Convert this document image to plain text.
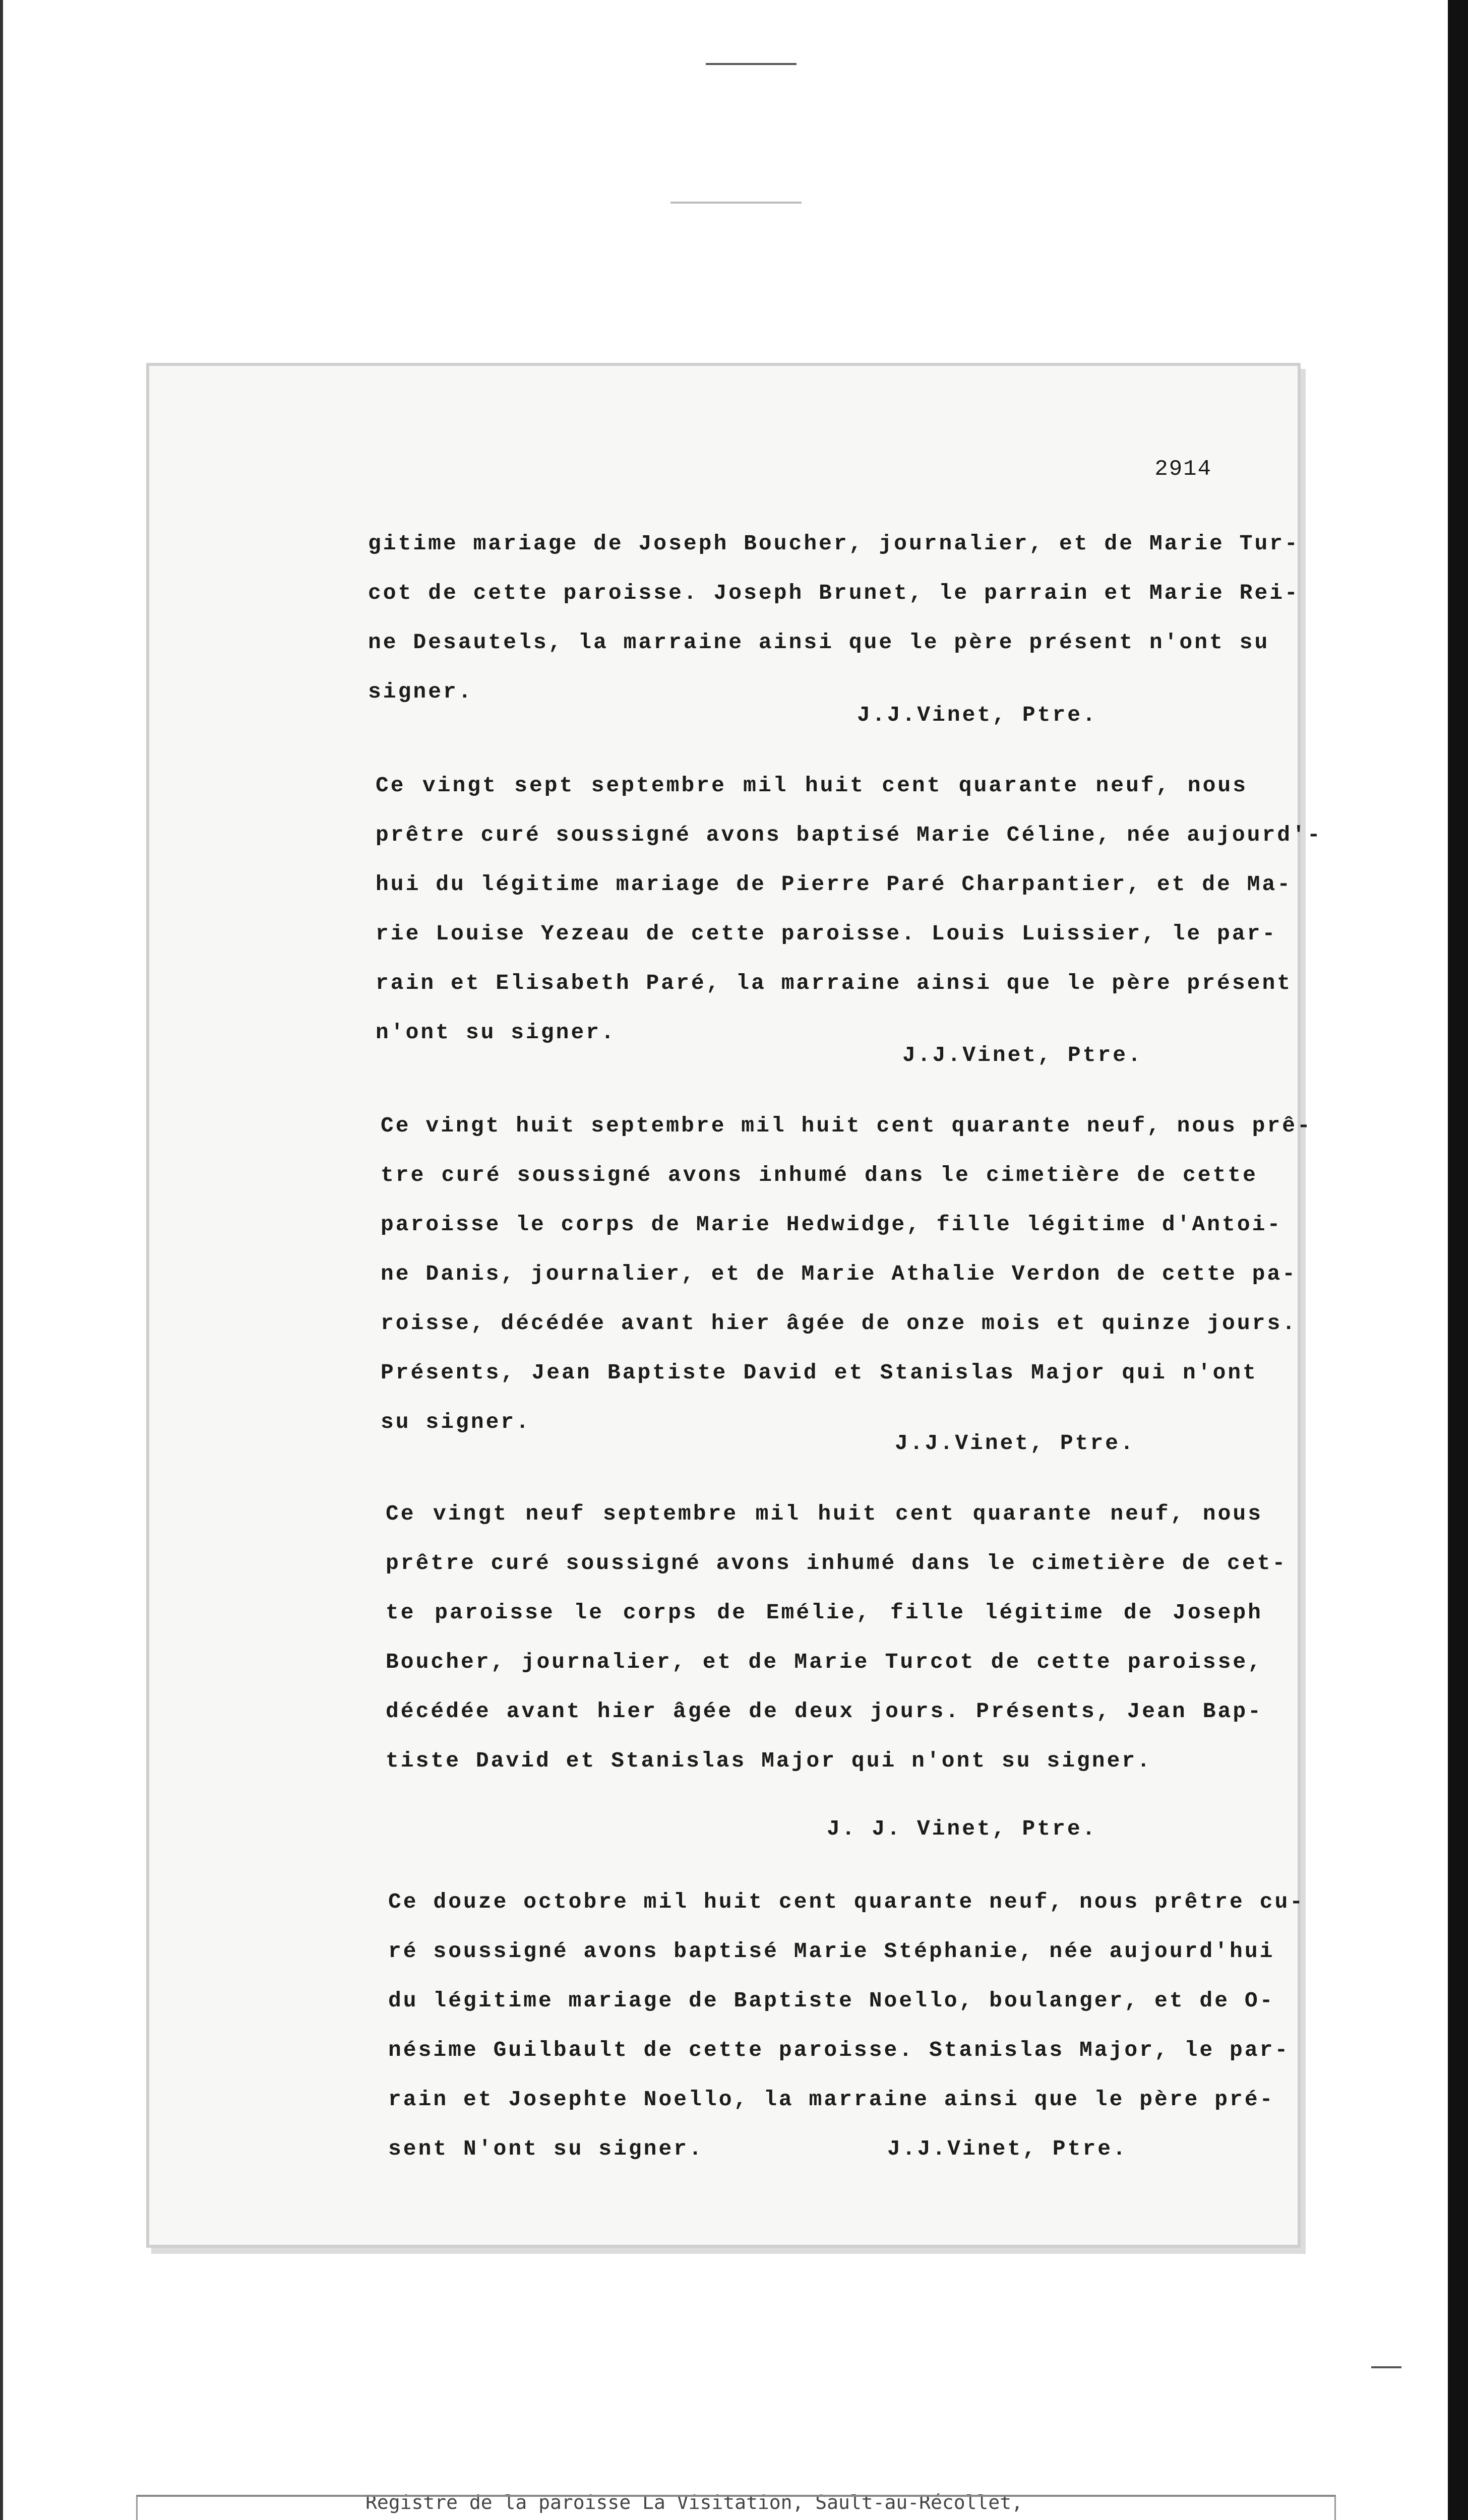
2914
gitime mariage de Joseph Boucher, journalier, et de Marie Tur-
cot de cette paroisse. Joseph Brunet, le parrain et Marie Rei-
ne Desautels, la marraine ainsi que le père présent n'ont su
signer.
J.J.Vinet, Ptre.
Ce vingt sept septembre mil huit cent quarante neuf, nous
prêtre curé soussigné avons baptisé Marie Céline, née aujourd'-
hui du légitime mariage de Pierre Paré Charpantier, et de Ma-
rie Louise Yezeau de cette paroisse. Louis Luissier, le par-
rain et Elisabeth Paré, la marraine ainsi que le père présent
n'ont su signer.
J.J.Vinet, Ptre.
Ce vingt huit septembre mil huit cent quarante neuf, nous prê-
tre curé soussigné avons inhumé dans le cimetière de cette
paroisse le corps de Marie Hedwidge, fille légitime d'Antoi-
ne Danis, journalier, et de Marie Athalie Verdon de cette pa-
roisse, décédée avant hier âgée de onze mois et quinze jours.
Présents, Jean Baptiste David et Stanislas Major qui n'ont
su signer.
J.J.Vinet, Ptre.
Ce vingt neuf septembre mil huit cent quarante neuf, nous
prêtre curé soussigné avons inhumé dans le cimetière de cet-
te paroisse le corps de Emélie, fille légitime de Joseph
Boucher, journalier, et de Marie Turcot de cette paroisse,
décédée avant hier âgée de deux jours. Présents, Jean Bap-
tiste David et Stanislas Major qui n'ont su signer.
J. J. Vinet, Ptre.
Ce douze octobre mil huit cent quarante neuf, nous prêtre cu-
ré soussigné avons baptisé Marie Stéphanie, née aujourd'hui
du légitime mariage de Baptiste Noello, boulanger, et de O-
nésime Guilbault de cette paroisse. Stanislas Major, le par-
rain et Josephte Noello, la marraine ainsi que le père pré-
sent N'ont su signer.	J.J.Vinet, Ptre.

Registre de la paroisse La Visitation, Sault-au-Récollet,
